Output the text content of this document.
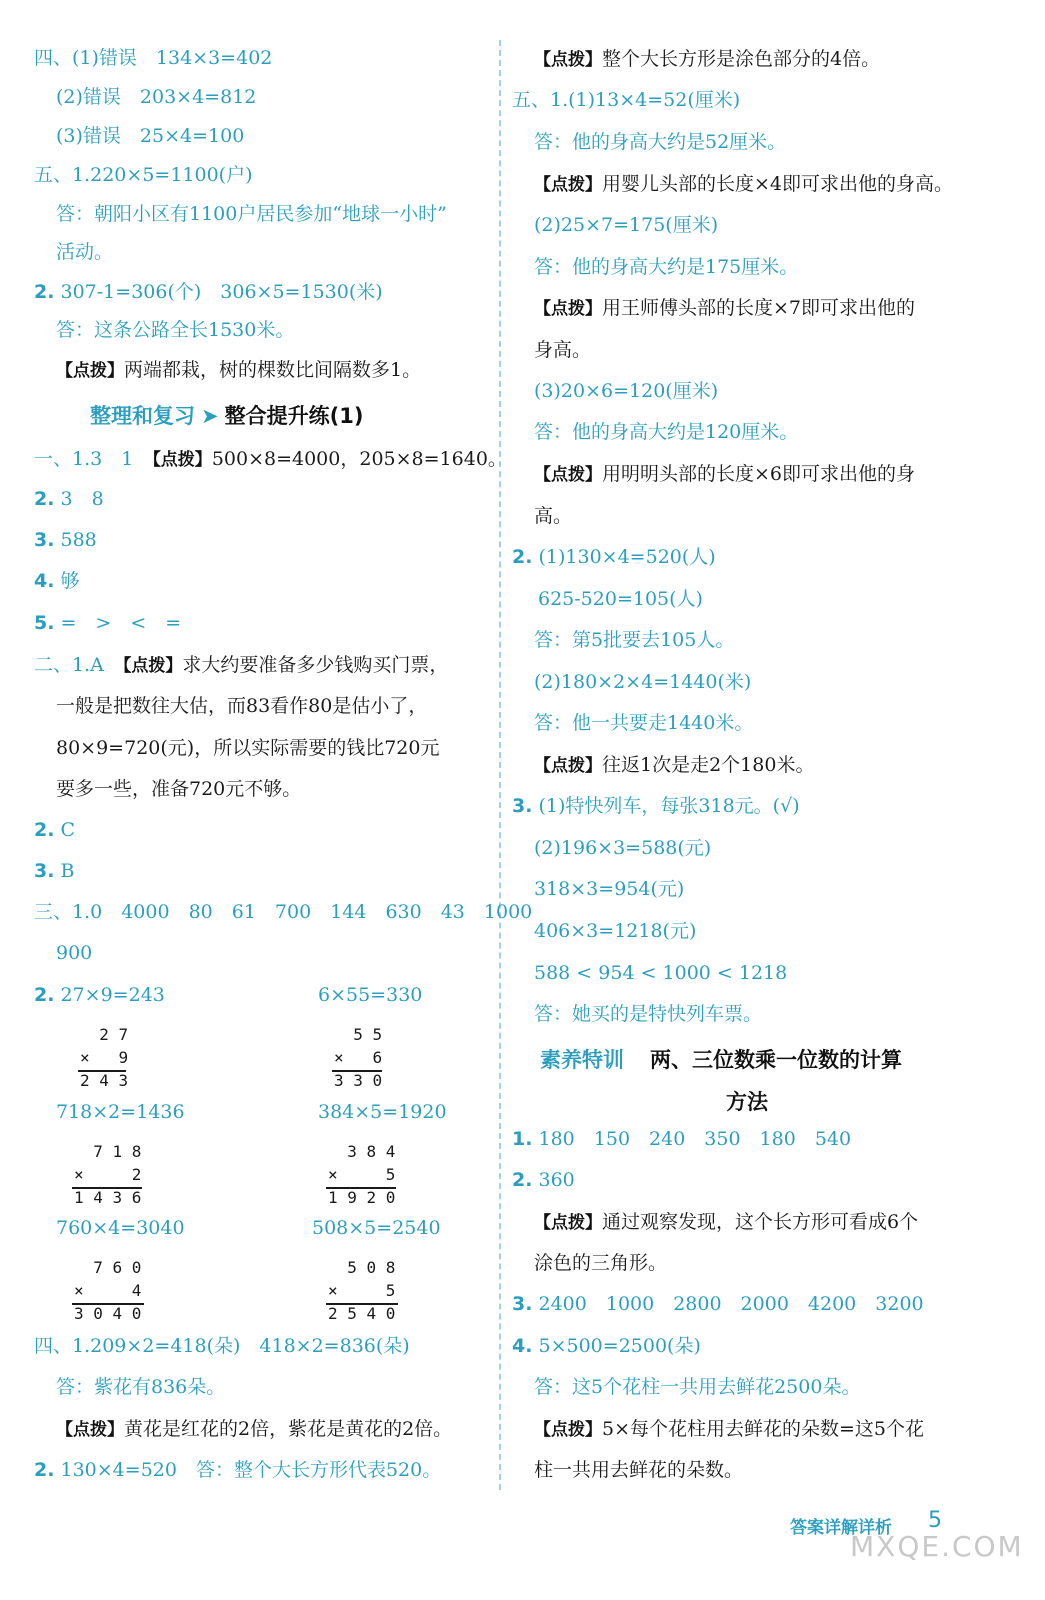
四、(1)错误　134×3=402
(2)错误　203×4=812
(3)错误　25×4=100
五、1.220×5=1100(户)
答：朝阳小区有1100户居民参加“地球一小时”
活动。
2. 307-1=306(个)　306×5=1530(米)
答：这条公路全长1530米。
【点拨】两端都栽，树的棵数比间隔数多1。
整理和复习 ➤ 整合提升练(1)
一、1.3　1　【点拨】500×8=4000，205×8=1640。
2. 3　8
3. 588
4. 够
5. =　>　<　=
二、1.A　【点拨】求大约要准备多少钱购买门票，
一般是把数往大估，而83看作80是估小了，
80×9=720(元)，所以实际需要的钱比720元
要多一些，准备720元不够。
2. C
3. B
三、1.0　4000　80　61　700　144　630　43　1000
900
2. 27×9=243	6×55=330
2 7
×   9
2 4 3
5 5
×   6
3 3 0
718×2=1436	384×5=1920
7 1 8
×     2
1 4 3 6
3 8 4
×     5
1 9 2 0
760×4=3040	508×5=2540
7 6 0
×     4
3 0 4 0
5 0 8
×     5
2 5 4 0
四、1.209×2=418(朵)　418×2=836(朵)
答：紫花有836朵。
【点拨】黄花是红花的2倍，紫花是黄花的2倍。
2. 130×4=520　答：整个大长方形代表520。
【点拨】整个大长方形是涂色部分的4倍。
五、1.(1)13×4=52(厘米)
答：他的身高大约是52厘米。
【点拨】用婴儿头部的长度×4即可求出他的身高。
(2)25×7=175(厘米)
答：他的身高大约是175厘米。
【点拨】用王师傅头部的长度×7即可求出他的
身高。
(3)20×6=120(厘米)
答：他的身高大约是120厘米。
【点拨】用明明头部的长度×6即可求出他的身
高。
2. (1)130×4=520(人)
625-520=105(人)
答：第5批要去105人。
(2)180×2×4=1440(米)
答：他一共要走1440米。
【点拨】往返1次是走2个180米。
3. (1)特快列车，每张318元。(√)
(2)196×3=588(元)
318×3=954(元)
406×3=1218(元)
588 < 954 < 1000 < 1218
答：她买的是特快列车票。
素养特训 两、三位数乘一位数的计算
方法
1. 180　150　240　350　180　540
2. 360
【点拨】通过观察发现，这个长方形可看成6个
涂色的三角形。
3. 2400　1000　2800　2000　4200　3200
4. 5×500=2500(朵)
答：这5个花柱一共用去鲜花2500朵。
【点拨】5×每个花柱用去鲜花的朵数=这5个花
柱一共用去鲜花的朵数。
答案详解详析 5
MXQE.COM
